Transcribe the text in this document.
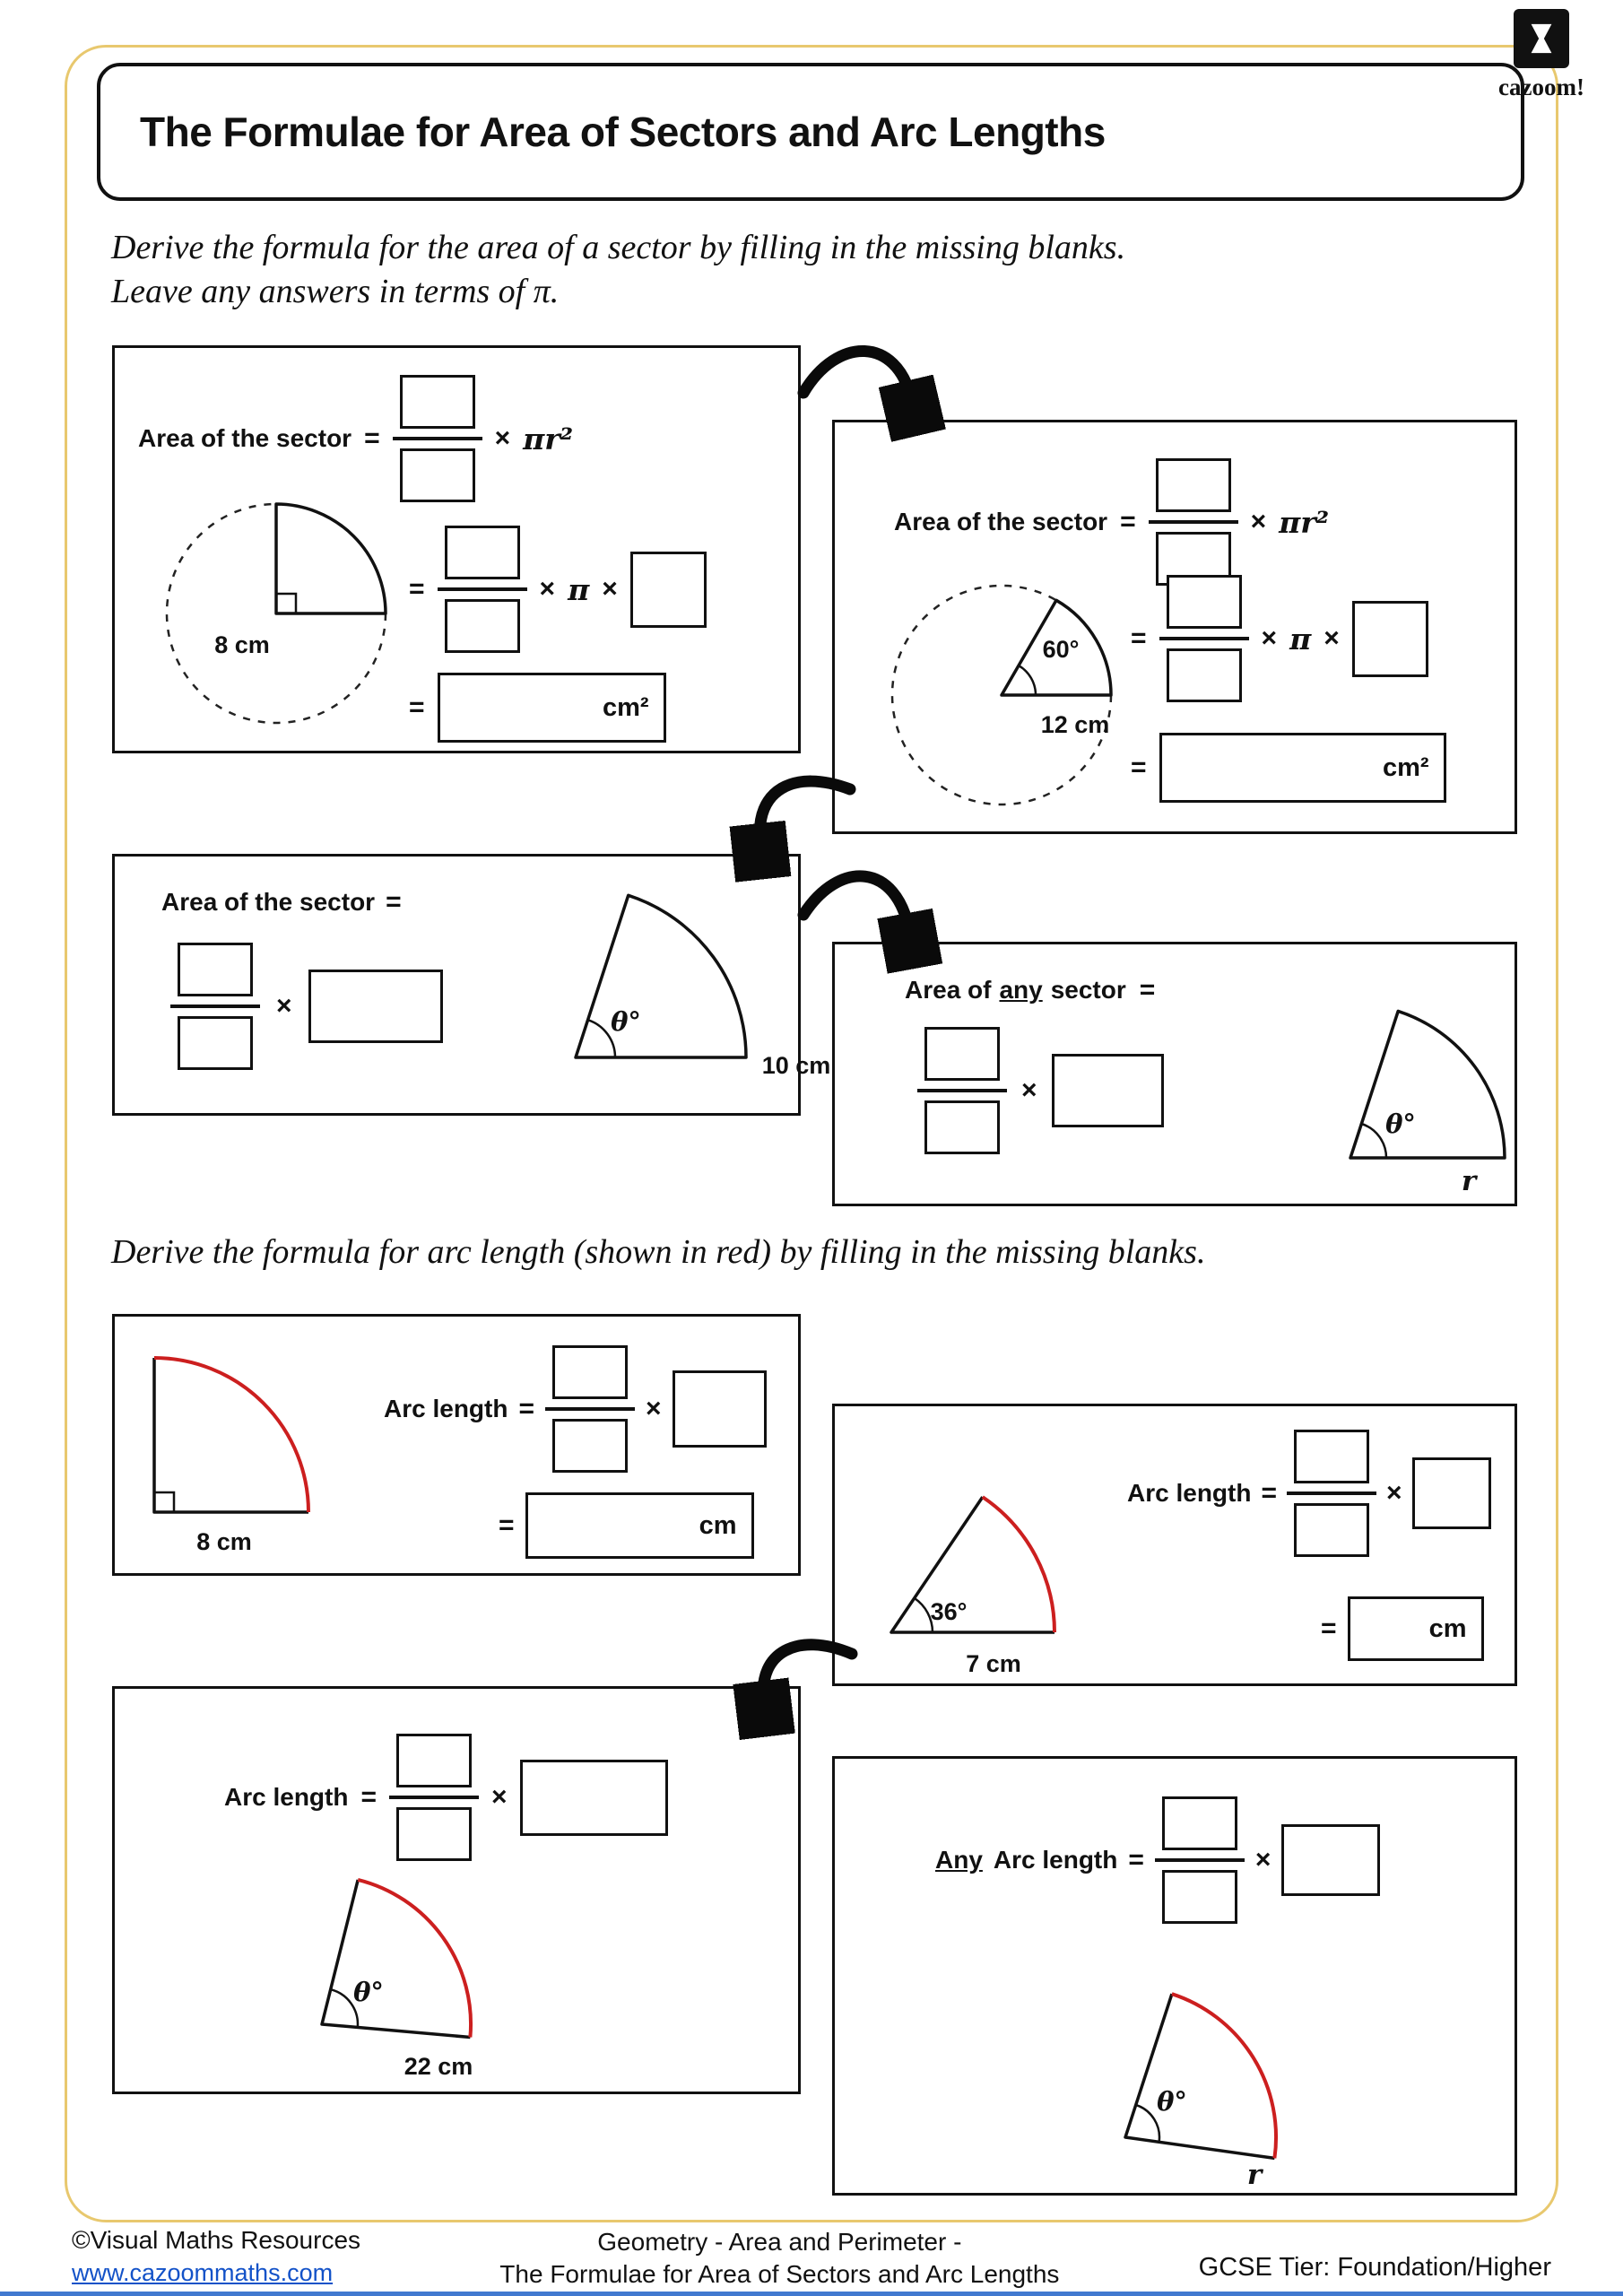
The Formulae for Area of Sectors and Arc Lengths
cazoom!
Derive the formula for the area of a sector by filling in the missing blanks.
Leave any answers in terms of π.
Area of the sector =	× πr²
8 cm
=	× π ×
=	cm²
Area of the sector =	× πr²
60°
12 cm
=	× π ×
=	cm²
Area of the sector =
×
θ°
10 cm
Area of any sector =
×
θ°
r
Derive the formula for arc length (shown in red) by filling in the missing blanks.
8 cm
Arc length =	×
=	cm
36°
7 cm
Arc length =	×
=	cm
Arc length =	×
θ°
22 cm
Any Arc length =	×
θ°
r
©Visual Maths Resources
www.cazoommaths.com
Geometry - Area and Perimeter -
The Formulae for Area of Sectors and Arc Lengths	GCSE Tier: Foundation/Higher
